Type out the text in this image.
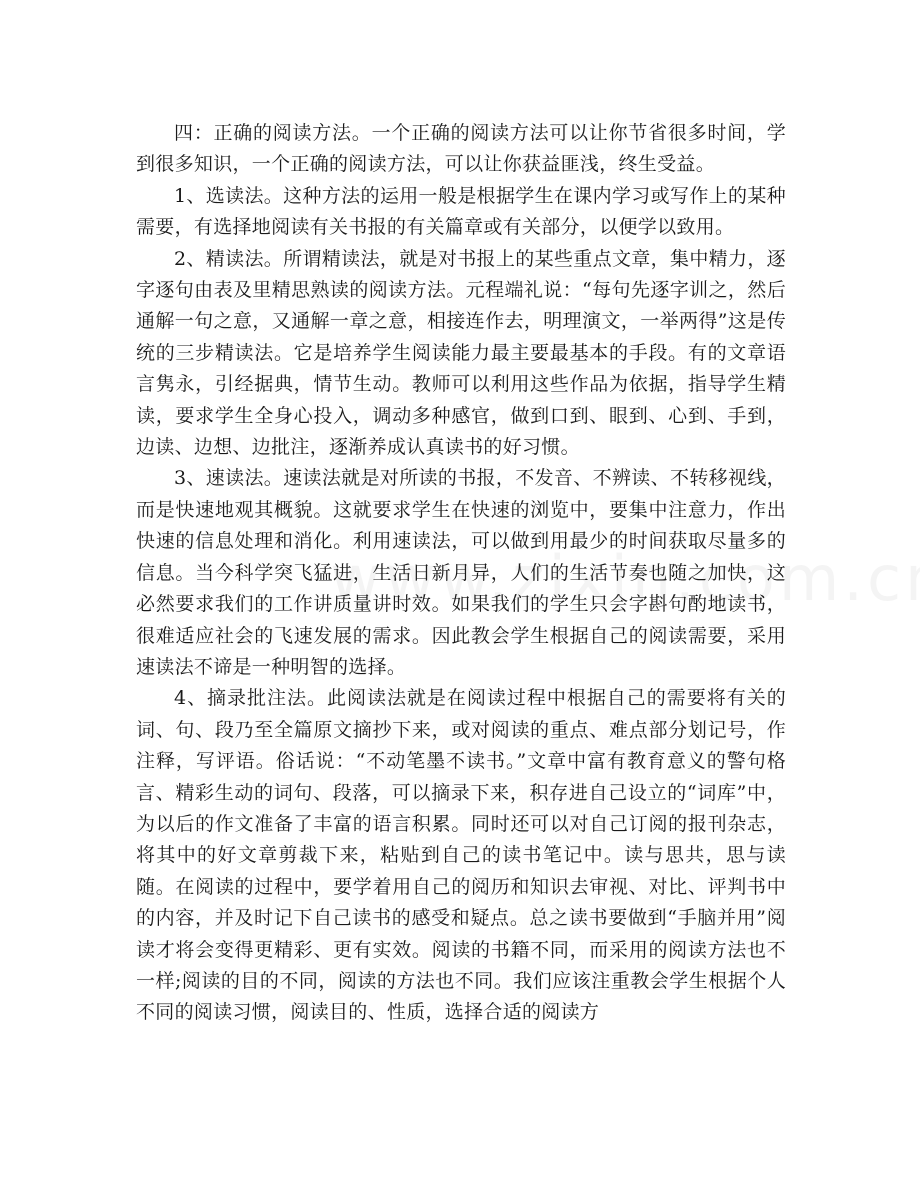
四：正确的阅读方法。一个正确的阅读方法可以让你节省很多时间，学到很多知识，一个正确的阅读方法，可以让你获益匪浅，终生受益。

1、选读法。这种方法的运用一般是根据学生在课内学习或写作上的某种需要，有选择地阅读有关书报的有关篇章或有关部分，以便学以致用。

2、精读法。所谓精读法，就是对书报上的某些重点文章，集中精力，逐字逐句由表及里精思熟读的阅读方法。元程端礼说：“每句先逐字训之，然后通解一句之意，又通解一章之意，相接连作去，明理演文，一举两得”这是传统的三步精读法。它是培养学生阅读能力最主要最基本的手段。有的文章语言隽永，引经据典，情节生动。教师可以利用这些作品为依据，指导学生精读，要求学生全身心投入，调动多种感官，做到口到、眼到、心到、手到，边读、边想、边批注，逐渐养成认真读书的好习惯。

3、速读法。速读法就是对所读的书报，不发音、不辨读、不转移视线，而是快速地观其概貌。这就要求学生在快速的浏览中，要集中注意力，作出快速的信息处理和消化。利用速读法，可以做到用最少的时间获取尽量多的信息。当今科学突飞猛进，生活日新月异，人们的生活节奏也随之加快，这必然要求我们的工作讲质量讲时效。如果我们的学生只会字斟句酌地读书，很难适应社会的飞速发展的需求。因此教会学生根据自己的阅读需要，采用速读法不谛是一种明智的选择。

4、摘录批注法。此阅读法就是在阅读过程中根据自己的需要将有关的词、句、段乃至全篇原文摘抄下来，或对阅读的重点、难点部分划记号，作注释，写评语。俗话说：“不动笔墨不读书。”文章中富有教育意义的警句格言、精彩生动的词句、段落，可以摘录下来，积存进自己设立的“词库”中，为以后的作文准备了丰富的语言积累。同时还可以对自己订阅的报刊杂志，将其中的好文章剪裁下来，粘贴到自己的读书笔记中。读与思共，思与读随。在阅读的过程中，要学着用自己的阅历和知识去审视、对比、评判书中的内容，并及时记下自己读书的感受和疑点。总之读书要做到“手脑并用”阅读才将会变得更精彩、更有实效。阅读的书籍不同，而采用的阅读方法也不一样;阅读的目的不同，阅读的方法也不同。我们应该注重教会学生根据个人不同的阅读习惯，阅读目的、性质，选择合适的阅读方
